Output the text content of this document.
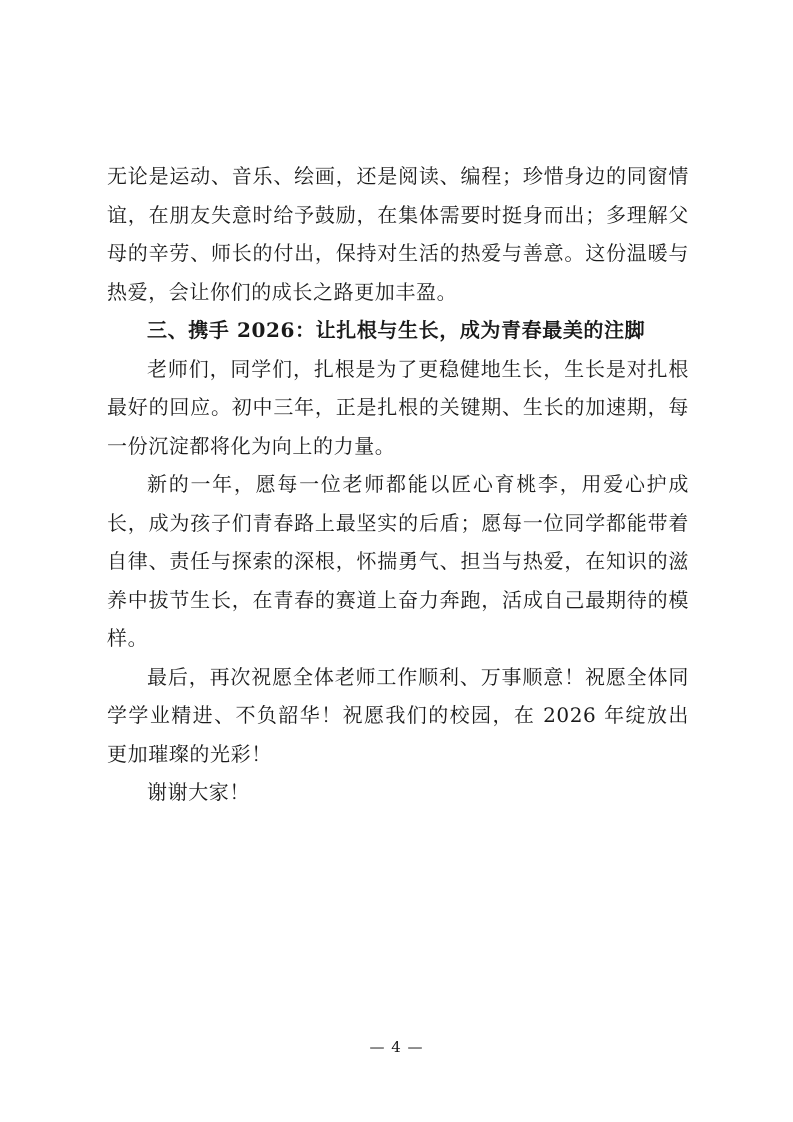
无论是运动、音乐、绘画，还是阅读、编程；珍惜身边的同窗情谊，在朋友失意时给予鼓励，在集体需要时挺身而出；多理解父母的辛劳、师长的付出，保持对生活的热爱与善意。这份温暖与热爱，会让你们的成长之路更加丰盈。

三、携手 2026：让扎根与生长，成为青春最美的注脚

老师们，同学们，扎根是为了更稳健地生长，生长是对扎根最好的回应。初中三年，正是扎根的关键期、生长的加速期，每一份沉淀都将化为向上的力量。

新的一年，愿每一位老师都能以匠心育桃李，用爱心护成长，成为孩子们青春路上最坚实的后盾；愿每一位同学都能带着自律、责任与探索的深根，怀揣勇气、担当与热爱，在知识的滋养中拔节生长，在青春的赛道上奋力奔跑，活成自己最期待的模样。

最后，再次祝愿全体老师工作顺利、万事顺意！祝愿全体同学学业精进、不负韶华！祝愿我们的校园，在 2026 年绽放出更加璀璨的光彩！

谢谢大家！

— 4 —
